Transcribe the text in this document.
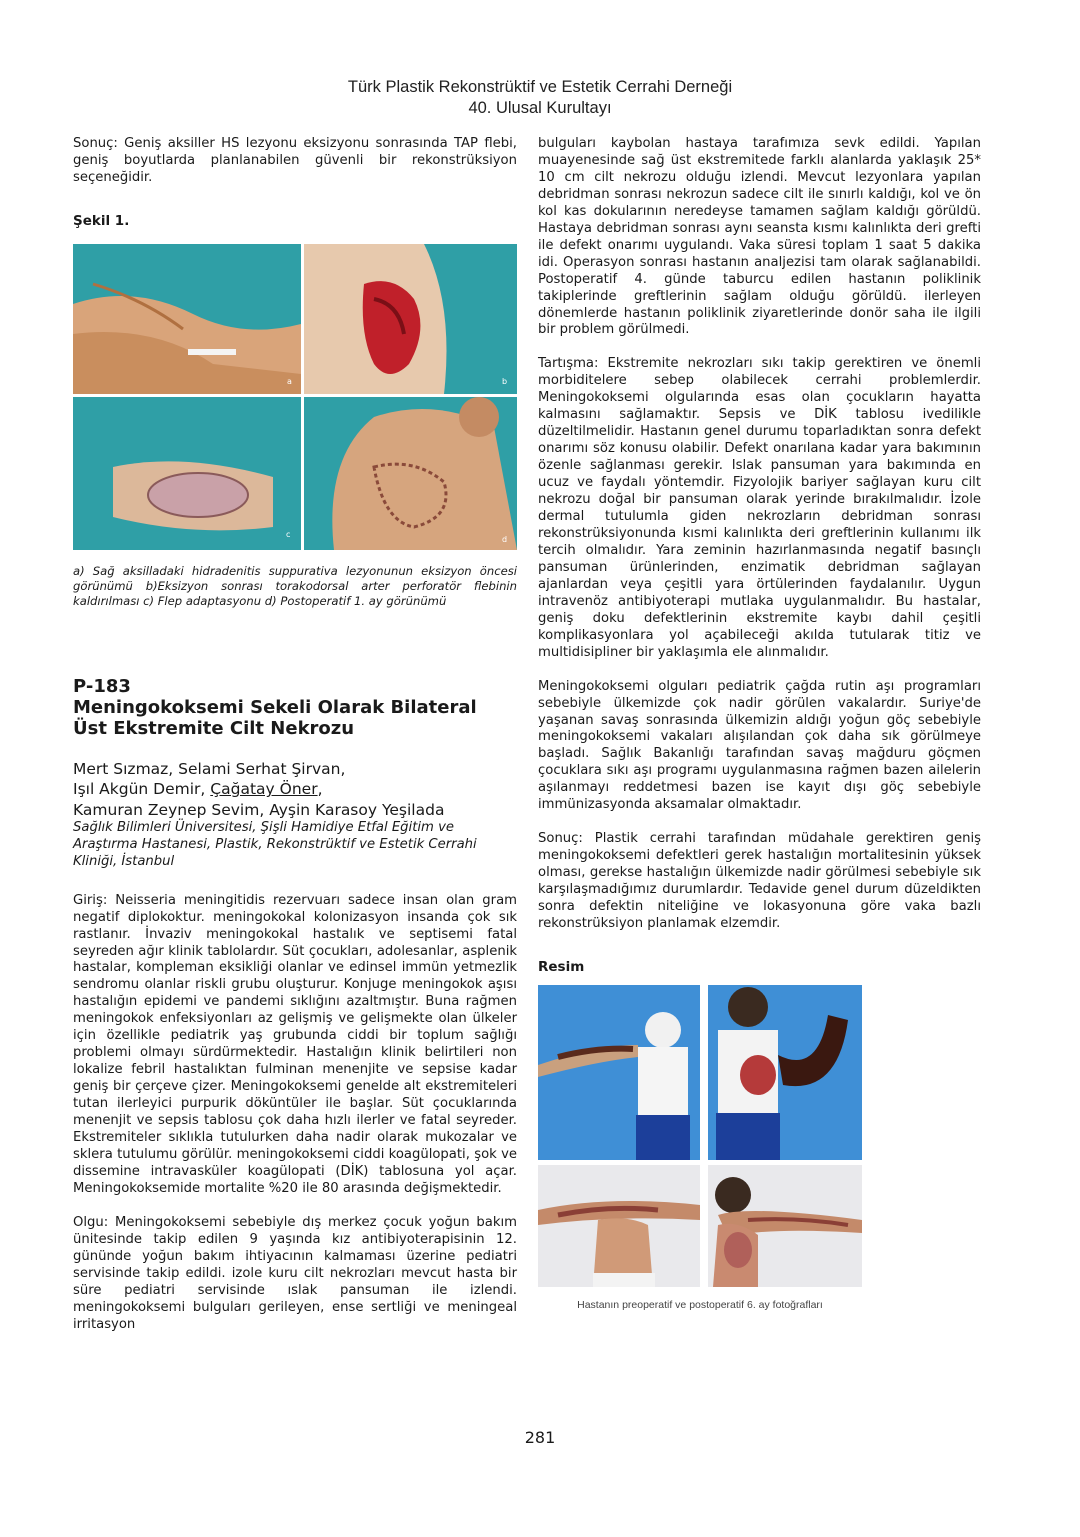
Türk Plastik Rekonstrüktif ve Estetik Cerrahi Derneği
40. Ulusal Kurultayı

Sonuç: Geniş aksiller HS lezyonu eksizyonu sonrasında TAP flebi, geniş boyutlarda planlanabilen güvenli bir rekonstrüksiyon seçeneğidir.

Şekil 1.

a	b
c
d

a) Sağ aksilladaki hidradenitis suppurativa lezyonunun eksizyon öncesi görünümü b)Eksizyon sonrası torakodorsal arter perforatör flebinin kaldırılması c) Flep adaptasyonu d) Postoperatif 1. ay görünümü

P-183

Meningokoksemi Sekeli Olarak Bilateral

Üst Ekstremite Cilt Nekrozu

Mert Sızmaz, Selami Serhat Şirvan,

Işıl Akgün Demir, Çağatay Öner,

Kamuran Zeynep Sevim, Ayşin Karasoy Yeşilada

Sağlık Bilimleri Üniversitesi, Şişli Hamidiye Etfal Eğitim ve Araştırma Hastanesi, Plastik, Rekonstrüktif ve Estetik Cerrahi Kliniği, İstanbul

Giriş: Neisseria meningitidis rezervuarı sadece insan olan gram negatif diplokoktur. meningokokal kolonizasyon insanda çok sık rastlanır. İnvaziv meningokokal hastalık ve septisemi fatal seyreden ağır klinik tablolardır. Süt çocukları, adolesanlar, asplenik hastalar, kompleman eksikliği olanlar ve edinsel immün yetmezlik sendromu olanlar riskli grubu oluşturur. Konjuge meningokok aşısı hastalığın epidemi ve pandemi sıklığını azaltmıştır. Buna rağmen meningokok enfeksiyonları az gelişmiş ve gelişmekte olan ülkeler için özellikle pediatrik yaş grubunda ciddi bir toplum sağlığı problemi olmayı sürdürmektedir. Hastalığın klinik belirtileri non lokalize febril hastalıktan fulminan menenjite ve sepsise kadar geniş bir çerçeve çizer. Meningokoksemi genelde alt ekstremiteleri tutan ilerleyici purpurik döküntüler ile başlar. Süt çocuklarında menenjit ve sepsis tablosu çok daha hızlı ilerler ve fatal seyreder. Ekstremiteler sıklıkla tutulurken daha nadir olarak mukozalar ve sklera tutulumu görülür. meningokoksemi ciddi koagülopati, şok ve dissemine intravasküler koagülopati (DİK) tablosuna yol açar. Meningokoksemide mortalite %20 ile 80 arasında değişmektedir.

Olgu: Meningokoksemi sebebiyle dış merkez çocuk yoğun bakım ünitesinde takip edilen 9 yaşında kız antibiyoterapisinin 12. gününde yoğun bakım ihtiyacının kalmaması üzerine pediatri servisinde takip edildi. izole kuru cilt nekrozları mevcut hasta bir süre pediatri servisinde ıslak pansuman ile izlendi. meningokoksemi bulguları gerileyen, ense sertliği ve meningeal irritasyon

bulguları kaybolan hastaya tarafımıza sevk edildi. Yapılan muayenesinde sağ üst ekstremitede farklı alanlarda yaklaşık 25* 10 cm cilt nekrozu olduğu izlendi. Mevcut lezyonlara yapılan debridman sonrası nekrozun sadece cilt ile sınırlı kaldığı, kol ve ön kol kas dokularının neredeyse tamamen sağlam kaldığı görüldü. Hastaya debridman sonrası aynı seansta kısmı kalınlıkta deri grefti ile defekt onarımı uygulandı. Vaka süresi toplam 1 saat 5 dakika idi. Operasyon sonrası hastanın analjezisi tam olarak sağlanabildi. Postoperatif 4. günde taburcu edilen hastanın poliklinik takiplerinde greftlerinin sağlam olduğu görüldü. ilerleyen dönemlerde hastanın poliklinik ziyaretlerinde donör saha ile ilgili bir problem görülmedi.

Tartışma: Ekstremite nekrozları sıkı takip gerektiren ve önemli morbiditelere sebep olabilecek cerrahi problemlerdir. Meningokoksemi olgularında esas olan çocukların hayatta kalmasını sağlamaktır. Sepsis ve DİK tablosu ivedilikle düzeltilmelidir. Hastanın genel durumu toparladıktan sonra defekt onarımı söz konusu olabilir. Defekt onarılana kadar yara bakımının özenle sağlanması gerekir. Islak pansuman yara bakımında en ucuz ve faydalı yöntemdir. Fizyolojik bariyer sağlayan kuru cilt nekrozu doğal bir pansuman olarak yerinde bırakılmalıdır. İzole dermal tutulumla giden nekrozların debridman sonrası rekonstrüksiyonunda kısmi kalınlıkta deri greftlerinin kullanımı ilk tercih olmalıdır. Yara zeminin hazırlanmasında negatif basınçlı pansuman ürünlerinden, enzimatik debridman sağlayan ajanlardan veya çeşitli yara örtülerinden faydalanılır. Uygun intravenöz antibiyoterapi mutlaka uygulanmalıdır. Bu hastalar, geniş doku defektlerinin ekstremite kaybı dahil çeşitli komplikasyonlara yol açabileceği akılda tutularak titiz ve multidisipliner bir yaklaşımla ele alınmalıdır.

Meningokoksemi olguları pediatrik çağda rutin aşı programları sebebiyle ülkemizde çok nadir görülen vakalardır. Suriye'de yaşanan savaş sonrasında ülkemizin aldığı yoğun göç sebebiyle meningokoksemi vakaları alışılandan çok daha sık görülmeye başladı. Sağlık Bakanlığı tarafından savaş mağduru göçmen çocuklara sıkı aşı programı uygulanmasına rağmen bazen ailelerin aşılanmayı reddetmesi bazen ise kayıt dışı göç sebebiyle immünizasyonda aksamalar olmaktadır.

Sonuç: Plastik cerrahi tarafından müdahale gerektiren geniş meningokoksemi defektleri gerek hastalığın mortalitesinin yüksek olması, gerekse hastalığın ülkemizde nadir görülmesi sebebiyle sık karşılaşmadığımız durumlardır. Tedavide genel durum düzeldikten sonra defektin niteliğine ve lokasyonuna göre vaka bazlı rekonstrüksiyon planlamak elzemdir.

Resim

Hastanın preoperatif ve postoperatif 6. ay fotoğrafları
281
